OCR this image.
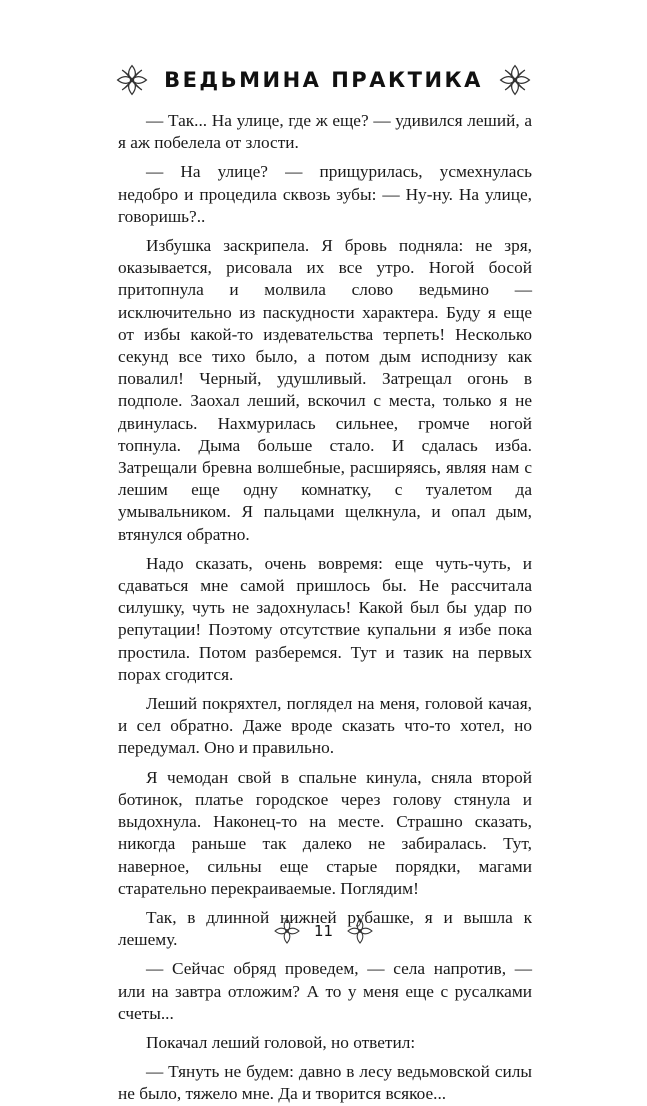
ВЕДЬМИНА ПРАКТИКА

— Так... На улице, где ж еще? — удивился леший, а я аж побелела от злости.

— На улице? — прищурилась, усмехнулась недобро и процедила сквозь зубы: — Ну-ну. На улице, говоришь?..

Избушка заскрипела. Я бровь подняла: не зря, оказывается, рисовала их все утро. Ногой босой притопнула и молвила слово ведьмино — исключительно из паскудности характера. Буду я еще от избы какой-то издевательства терпеть! Несколько секунд все тихо было, а потом дым исподнизу как повалил! Черный, удушливый. Затрещал огонь в подполе. Заохал леший, вскочил с места, только я не двинулась. Нахмурилась сильнее, громче ногой топнула. Дыма больше стало. И сдалась изба. Затрещали бревна волшебные, расширяясь, являя нам с лешим еще одну комнатку, с туалетом да умывальником. Я пальцами щелкнула, и опал дым, втянулся обратно.

Надо сказать, очень вовремя: еще чуть-чуть, и сдаваться мне самой пришлось бы. Не рассчитала силушку, чуть не задохнулась! Какой был бы удар по репутации! Поэтому отсутствие купальни я избе пока простила. Потом разберемся. Тут и тазик на первых порах сгодится.

Леший покряхтел, поглядел на меня, головой качая, и сел обратно. Даже вроде сказать что-то хотел, но передумал. Оно и правильно.

Я чемодан свой в спальне кинула, сняла второй ботинок, платье городское через голову стянула и выдохнула. Наконец-то на месте. Страшно сказать, никогда раньше так далеко не забиралась. Тут, наверное, сильны еще старые порядки, магами старательно перекраиваемые. Поглядим!

Так, в длинной нижней рубашке, я и вышла к лешему.

— Сейчас обряд проведем, — села напротив, — или на завтра отложим? А то у меня еще с русалками счеты...

Покачал леший головой, но ответил:

— Тянуть не будем: давно в лесу ведьмовской силы не было, тяжело мне. Да и творится всякое...

11
